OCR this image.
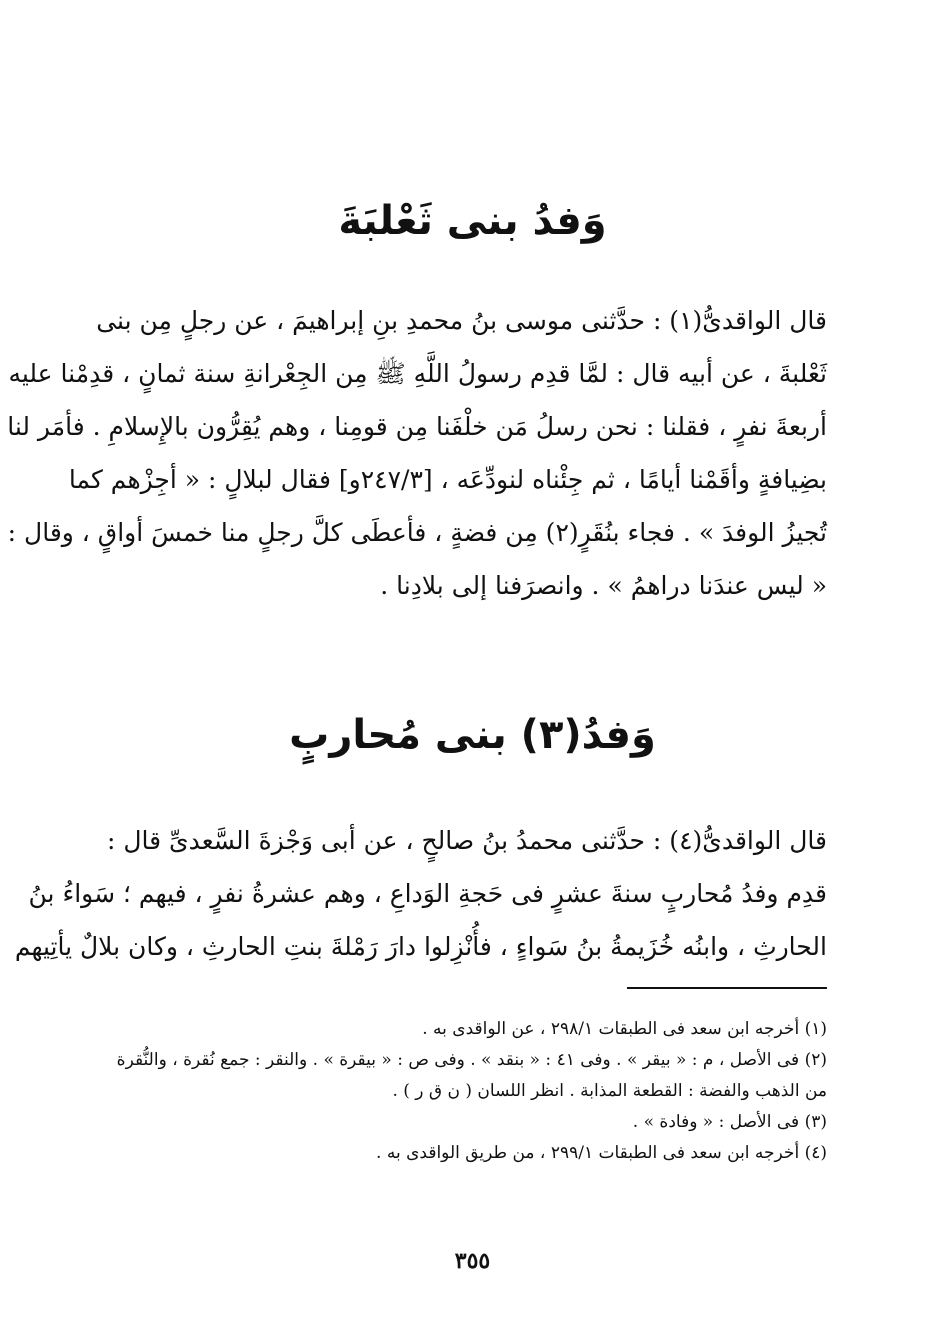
وَفدُ بنى ثَعْلبَةَ
قال الواقدىُّ(١) : حدَّثنى موسى بنُ محمدِ بنِ إبراهيمَ ، عن رجلٍ مِن بنى
ثَعْلبةَ ، عن أبيه قال : لمَّا قدِم رسولُ اللَّهِ ﷺ مِن الجِعْرانةِ سنة ثمانٍ ، قدِمْنا عليه
أربعةَ نفرٍ ، فقلنا : نحن رسلُ مَن خلْفَنا مِن قومِنا ، وهم يُقِرُّون بالإِسلامِ . فأمَر لنا
بضِيافةٍ وأقَمْنا أيامًا ، ثم جِئْناه لنودِّعَه ، [٢٤٧/٣و] فقال لبلالٍ : « أجِزْهم كما
تُجيزُ الوفدَ » . فجاء بنُقَرٍ(٢) مِن فضةٍ ، فأعطَى كلَّ رجلٍ منا خمسَ أواقٍ ، وقال :
« ليس عندَنا دراهمُ » . وانصرَفنا إلى بلادِنا .
وَفدُ(٣) بنى مُحاربٍ
قال الواقدىُّ(٤) : حدَّثنى محمدُ بنُ صالحٍ ، عن أبى وَجْزةَ السَّعدىِّ قال :
قدِم وفدُ مُحاربٍ سنةَ عشرٍ فى حَجةِ الوَداعِ ، وهم عشرةُ نفرٍ ، فيهم ؛ سَواءُ بنُ
الحارثِ ، وابنُه خُزَيمةُ بنُ سَواءٍ ، فأُنْزِلوا دارَ رَمْلةَ بنتِ الحارثِ ، وكان بلالٌ يأتِيهم
(١) أخرجه ابن سعد فى الطبقات ٢٩٨/١ ، عن الواقدى به .
(٢) فى الأصل ، م : « بيقر » . وفى ٤١ : « بنقد » . وفى ص : « بيقرة » . والنقر : جمع نُقرة ، والنُّقرة
من الذهب والفضة : القطعة المذابة . انظر اللسان ( ن ق ر ) .
(٣) فى الأصل : « وفادة » .
(٤) أخرجه ابن سعد فى الطبقات ٢٩٩/١ ، من طريق الواقدى به .
٣٥٥
